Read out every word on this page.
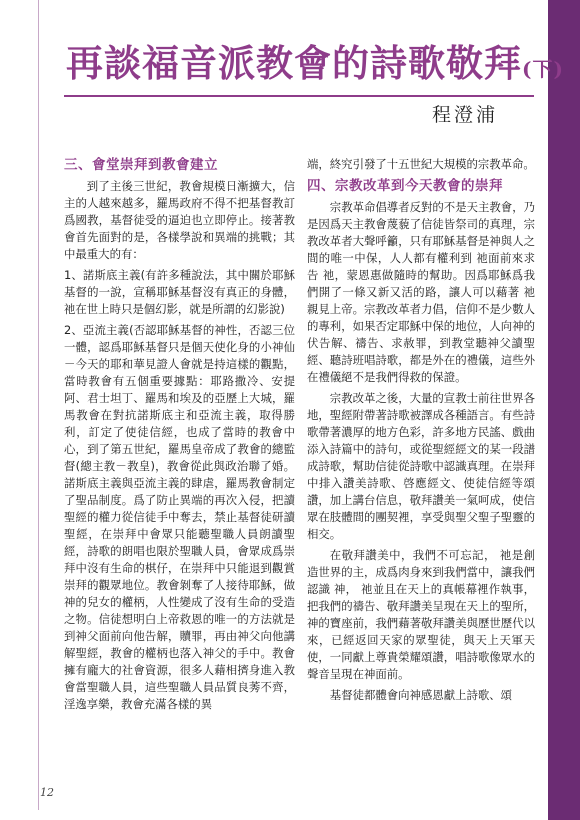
再談福音派教會的詩歌敬拜(下)
程澄浦
三、會堂崇拜到教會建立

到了主後三世紀，教會規模日漸擴大，信主的人越來越多，羅馬政府不得不把基督教訂爲國教，基督徒受的逼迫也立即停止。接著教會首先面對的是，各樣學說和異端的挑戰；其中最重大的有：

1、諾斯底主義(有許多種說法，其中關於耶穌基督的一說，宣稱耶穌基督沒有真正的身體，祂在世上時只是個幻影，就是所謂的幻影說)

2、亞流主義(否認耶穌基督的神性，否認三位一體，認爲耶穌基督只是個天使化身的小神仙－今天的耶和華見證人會就是持這樣的觀點，當時教會有五個重要據點：耶路撒冷、安提阿、君士坦丁、羅馬和埃及的亞歷上大城，羅馬教會在對抗諾斯底主和亞流主義，取得勝利，訂定了使徒信經，也成了當時的教會中心，到了第五世紀，羅馬皇帝成了教會的總監督(總主教－教皇)，教會從此與政治聯了婚。諾斯底主義與亞流主義的肆虐，羅馬教會制定了聖品制度。爲了防止異端的再次入侵，把讀聖經的權力從信徒手中奪去，禁止基督徒研讀聖經，在崇拜中會眾只能聽聖職人員朗讀聖經，詩歌的朗唱也限於聖職人員，會眾成爲崇拜中沒有生命的棋仔，在崇拜中只能退到觀賞崇拜的觀眾地位。教會剝奪了人接待耶穌，做神的兒女的權柄，人性變成了沒有生命的受造之物。信徒想明白上帝救恩的唯一的方法就是到神父面前向他告解，贖罪，再由神父向他講解聖經，教會的權柄也落入神父的手中。教會擁有龐大的社會資源，很多人藉相擠身進入教會當聖職人員，這些聖職人員品質良莠不齊，淫逸享樂，教會充滿各樣的異

端，終究引發了十五世紀大規模的宗教革命。

四、宗教改革到今天教會的崇拜

宗教革命倡導者反對的不是天主教會，乃是因爲天主教會蔑藐了信徒皆祭司的真理，宗教改革者大聲呼籲，只有耶穌基督是神與人之間的唯一中保，人人都有權利到 祂面前來求告 祂，蒙恩惠做隨時的幫助。因爲耶穌爲我們開了一條又新又活的路，讓人可以藉著 祂親見上帝。宗教改革者力倡，信仰不是少數人的專利，如果否定耶穌中保的地位，人向神的伏告解、禱告、求赦罪，到教堂聽神父讀聖經、聽詩班唱詩歌，都是外在的禮儀，這些外在禮儀絕不是我們得救的保證。

宗教改革之後，大量的宣教士前往世界各地，聖經附帶著詩歌被譯成各種語言。有些詩歌帶著濃厚的地方色彩，許多地方民謠、戲曲添入詩篇中的詩句，或從聖經經文的某一段譜成詩歌，幫助信徒從詩歌中認識真理。在崇拜中排入讚美詩歌、啓應經文、使徒信經等頌讚，加上講台信息，敬拜讚美一氣呵成，使信眾在肢體間的團契裡，享受與聖父聖子聖靈的相交。

在敬拜讚美中，我們不可忘記， 祂是創造世界的主，成爲肉身來到我們當中，讓我們認識 神， 祂並且在天上的真帳幕裡作執事，把我們的禱告、敬拜讚美呈現在天上的聖所，神的寶座前，我們藉著敬拜讚美與歷世歷代以來，已經返回天家的眾聖徒，與天上天軍天使，一同獻上尊貴榮耀頌讚，唱詩歌像眾水的聲音呈現在神面前。

基督徒都體會向神感恩獻上詩歌、頌

12
